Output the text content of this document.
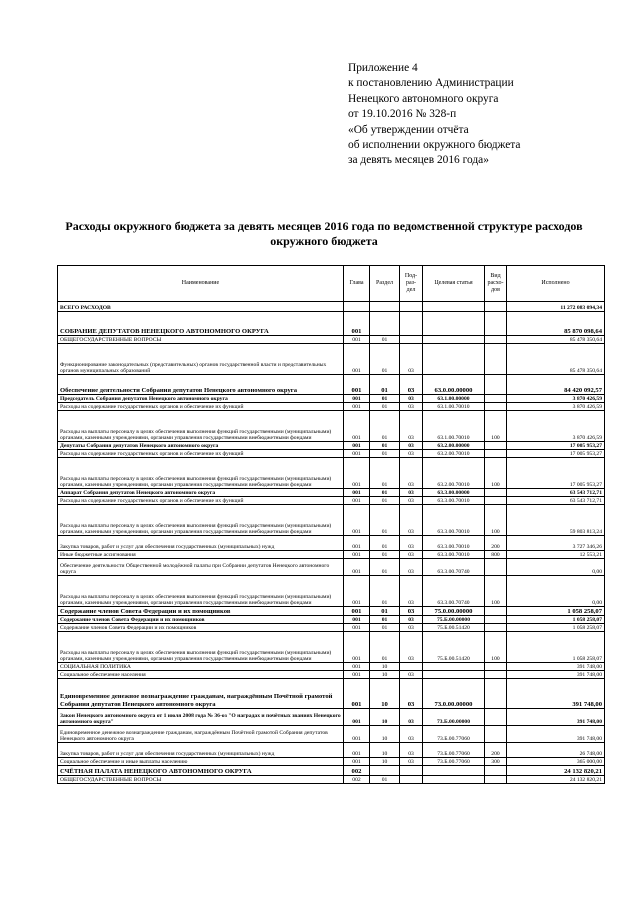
Приложение 4
к постановлению Администрации
Ненецкого автономного округа
от 19.10.2016 № 328-п
«Об утверждении отчёта
об исполнении окружного бюджета
за девять месяцев 2016 года»
Расходы окружного бюджета за девять месяцев 2016 года по ведомственной структуре расходов окружного бюджета
Наименование	Глава	Раздел	Под-раз-дел	Целевая статья	Вид расхо-дов	Исполнено
ВСЕГО РАСХОДОВ						11 272 083 094,34
СОБРАНИЕ ДЕПУТАТОВ НЕНЕЦКОГО АВТОНОМНОГО ОКРУГА	001					85 870 098,64
ОБЩЕГОСУДАРСТВЕННЫЕ ВОПРОСЫ	001	01				85 478 350,64
Функционирование законодательных (представительных) органов государственной власти и представительных органов муниципальных образований	001	01	03			85 478 350,64
Обеспечение деятельности Собрания депутатов Ненецкого автономного округа	001	01	03	63.0.00.00000		84 420 092,57
Председатель Собрания депутатов Ненецкого автономного округа	001	01	03	63.1.00.00000		3 870 426,59
Расходы на содержание государственных органов и обеспечение их функций	001	01	03	63.1.00.70010		3 870 426,59
Расходы на выплаты персоналу в целях обеспечения выполнения функций государственными (муниципальными) органами, казенными учреждениями, органами управления государственными внебюджетными фондами	001	01	03	63.1.00.70010	100	3 870 426,59
Депутаты Собрания депутатов Ненецкого автономного округа	001	01	03	63.2.00.00000		17 005 953,27
Расходы на содержание государственных органов и обеспечение их функций	001	01	03	63.2.00.70010		17 005 953,27
Расходы на выплаты персоналу в целях обеспечения выполнения функций государственными (муниципальными) органами, казенными учреждениями, органами управления государственными внебюджетными фондами	001	01	03	63.2.00.70010	100	17 005 953,27
Аппарат Собрания депутатов Ненецкого автономного округа	001	01	03	63.3.00.00000		63 543 712,71
Расходы на содержание государственных органов и обеспечение их функций	001	01	03	63.3.00.70010		63 543 712,71
Расходы на выплаты персоналу в целях обеспечения выполнения функций государственными (муниципальными) органами, казенными учреждениями, органами управления государственными внебюджетными фондами	001	01	03	63.3.00.70010	100	59 803 813,24
Закупка товаров, работ и услуг для обеспечения государственных (муниципальных) нужд	001	01	03	63.3.00.70010	200	3 727 346,26
Иные бюджетные ассигнования	001	01	03	63.3.00.70010	800	12 553,21
Обеспечение деятельности Общественной молодёжной палаты при Собрании депутатов Ненецкого автономного округа	001	01	03	63.3.00.70740		0,00
Расходы на выплаты персоналу в целях обеспечения выполнения функций государственными (муниципальными) органами, казенными учреждениями, органами управления государственными внебюджетными фондами	001	01	03	63.3.00.70740	100	0,00
Содержание членов Совета Федерации и их помощников	001	01	03	75.0.00.00000		1 058 258,07
Содержание членов Совета Федерации и их помощников	001	01	03	75.Б.00.00000		1 058 258,07
Содержание членов Совета Федерации и их помощников	001	01	03	75.Б.00.51420		1 058 258,07
Расходы на выплаты персоналу в целях обеспечения выполнения функций государственными (муниципальными) органами, казенными учреждениями, органами управления государственными внебюджетными фондами	001	01	03	75.Б.00.51420	100	1 058 258,07
СОЦИАЛЬНАЯ ПОЛИТИКА	001	10				391 748,00
Социальное обеспечение населения	001	10	03			391 748,00
Единовременное денежное вознаграждение гражданам, награждённым Почётной грамотой Собрания депутатов Ненецкого автономного округа	001	10	03	73.0.00.00000		391 748,00
Закон Ненецкого автономного округа от 1 июля 2008 года № 36-оз "О наградах и почётных званиях Ненецкого автономного округа"	001	10	03	73.Б.00.00000		391 748,00
Единовременное денежное вознаграждение гражданам, награждённым Почётной грамотой Собрания депутатов Ненецкого автономного округа	001	10	03	73.Б.00.77060		391 748,00
Закупка товаров, работ и услуг для обеспечения государственных (муниципальных) нужд	001	10	03	73.Б.00.77060	200	26 748,00
Социальное обеспечение и иные выплаты населению	001	10	03	73.Б.00.77060	300	365 000,00
СЧЁТНАЯ ПАЛАТА НЕНЕЦКОГО АВТОНОМНОГО ОКРУГА	002					24 132 820,21
ОБЩЕГОСУДАРСТВЕННЫЕ ВОПРОСЫ	002	01				24 132 820,21
